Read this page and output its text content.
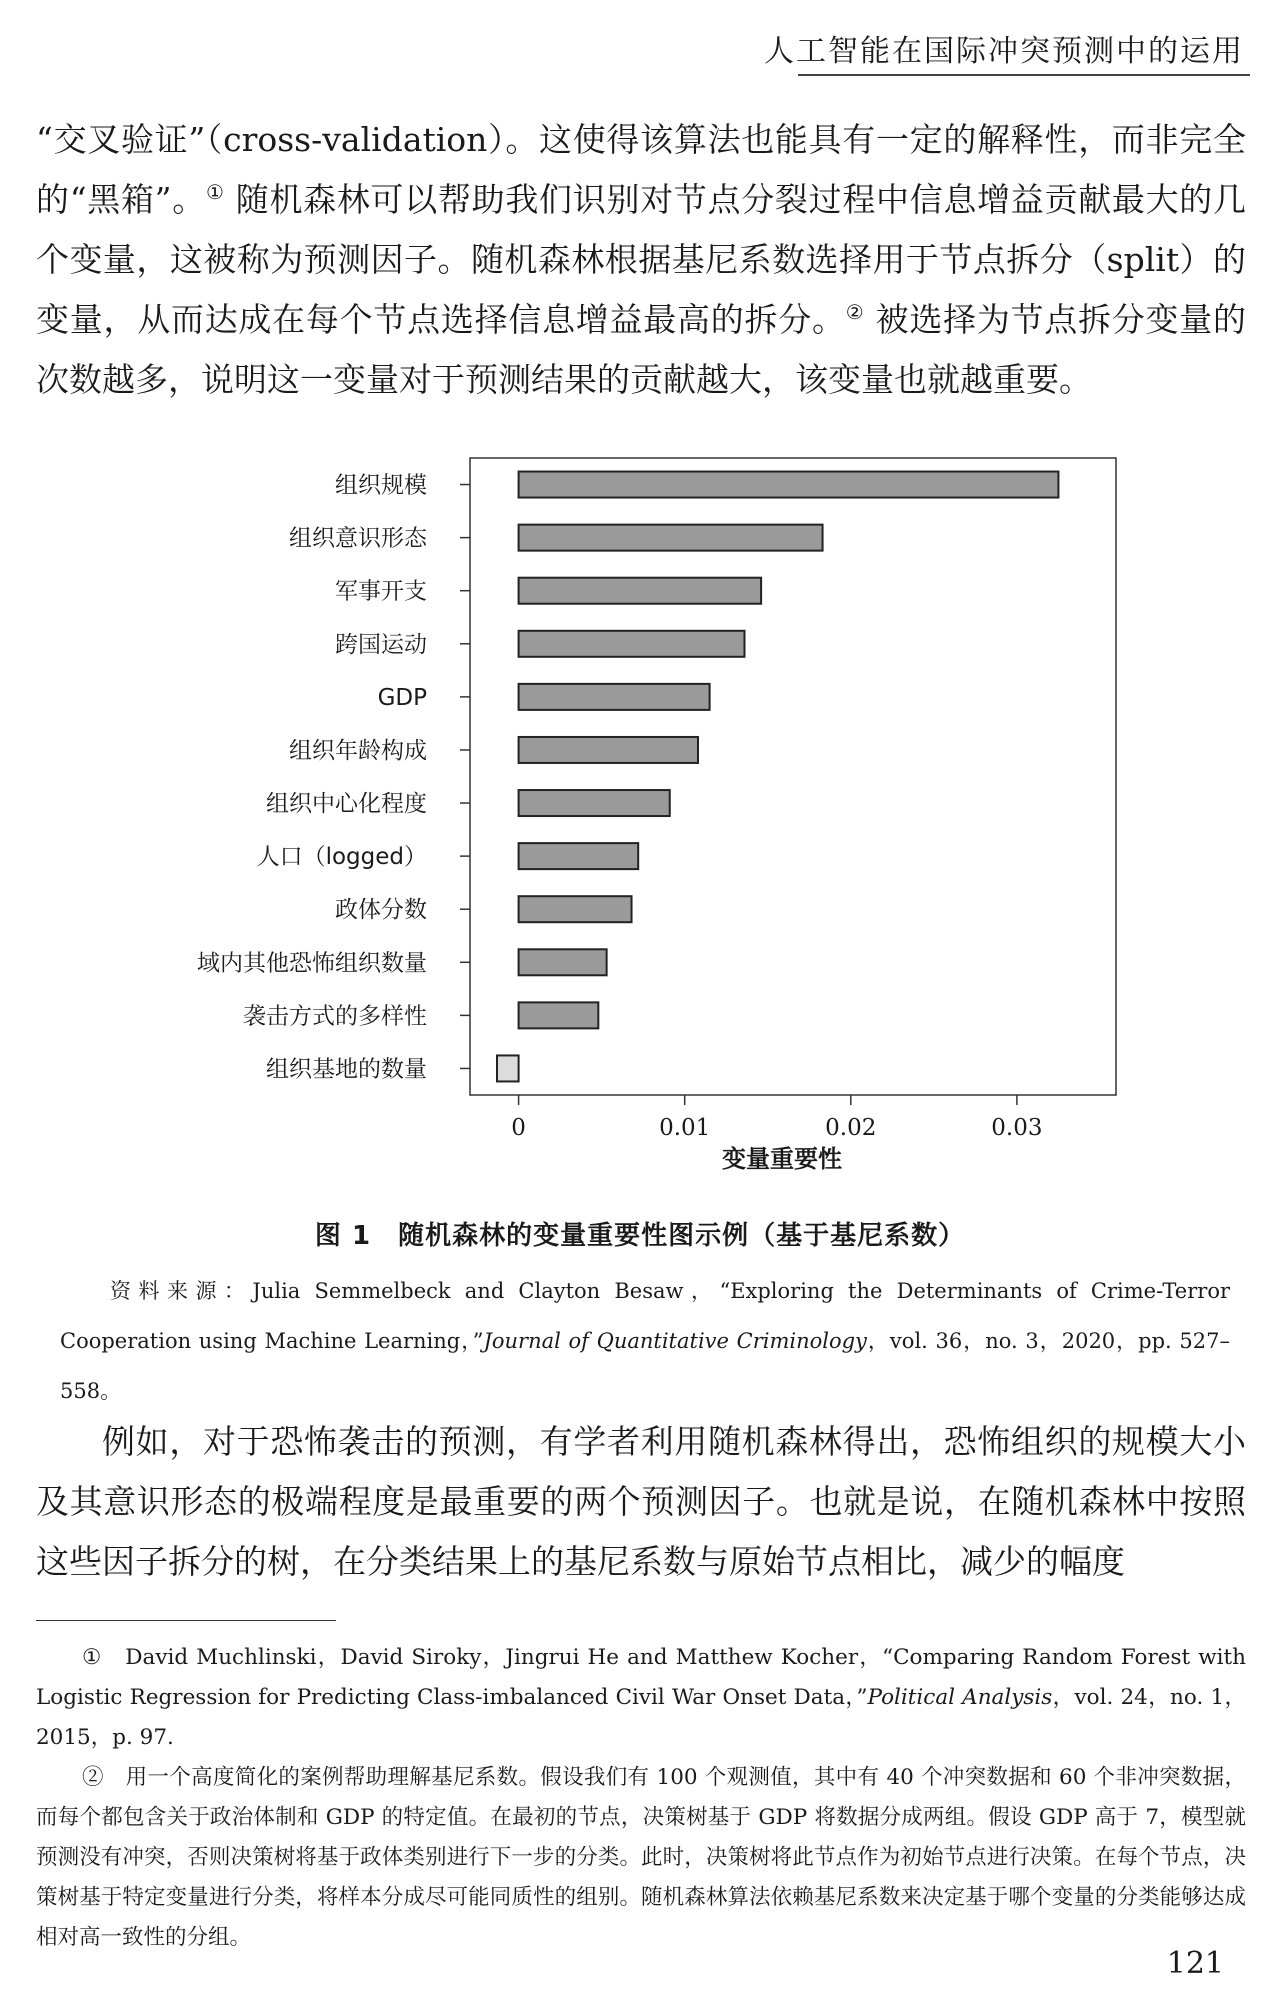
人工智能在国际冲突预测中的运用

“交叉验证”（cross-validation）。这使得该算法也能具有一定的解释性，而非完全的“黑箱”。① 随机森林可以帮助我们识别对节点分裂过程中信息增益贡献最大的几个变量，这被称为预测因子。随机森林根据基尼系数选择用于节点拆分（split）的变量，从而达成在每个节点选择信息增益最高的拆分。② 被选择为节点拆分变量的次数越多，说明这一变量对于预测结果的贡献越大，该变量也就越重要。

组织规模
组织意识形态
军事开支
跨国运动
GDP
组织年龄构成
组织中心化程度
人口（logged）
政体分数
域内其他恐怖组织数量
袭击方式的多样性
组织基地的数量
0	0.01	0.02	0.03
变量重要性
图 1　随机森林的变量重要性图示例（基于基尼系数）
资料来源：Julia Semmelbeck and Clayton Besaw，“Exploring the Determinants of Crime-Terror Cooperation using Machine Learning，”Journal of Quantitative Criminology，vol. 36，no. 3，2020，pp. 527–558。

例如，对于恐怖袭击的预测，有学者利用随机森林得出，恐怖组织的规模大小及其意识形态的极端程度是最重要的两个预测因子。也就是说，在随机森林中按照这些因子拆分的树，在分类结果上的基尼系数与原始节点相比，减少的幅度

①　David Muchlinski，David Siroky，Jingrui He and Matthew Kocher，“Comparing Random Forest with Logistic Regression for Predicting Class-imbalanced Civil War Onset Data，”Political Analysis，vol. 24，no. 1，2015，p. 97.

②　用一个高度简化的案例帮助理解基尼系数。假设我们有 100 个观测值，其中有 40 个冲突数据和 60 个非冲突数据，而每个都包含关于政治体制和 GDP 的特定值。在最初的节点，决策树基于 GDP 将数据分成两组。假设 GDP 高于 7，模型就预测没有冲突，否则决策树将基于政体类别进行下一步的分类。此时，决策树将此节点作为初始节点进行决策。在每个节点，决策树基于特定变量进行分类，将样本分成尽可能同质性的组别。随机森林算法依赖基尼系数来决定基于哪个变量的分类能够达成相对高一致性的分组。

121
